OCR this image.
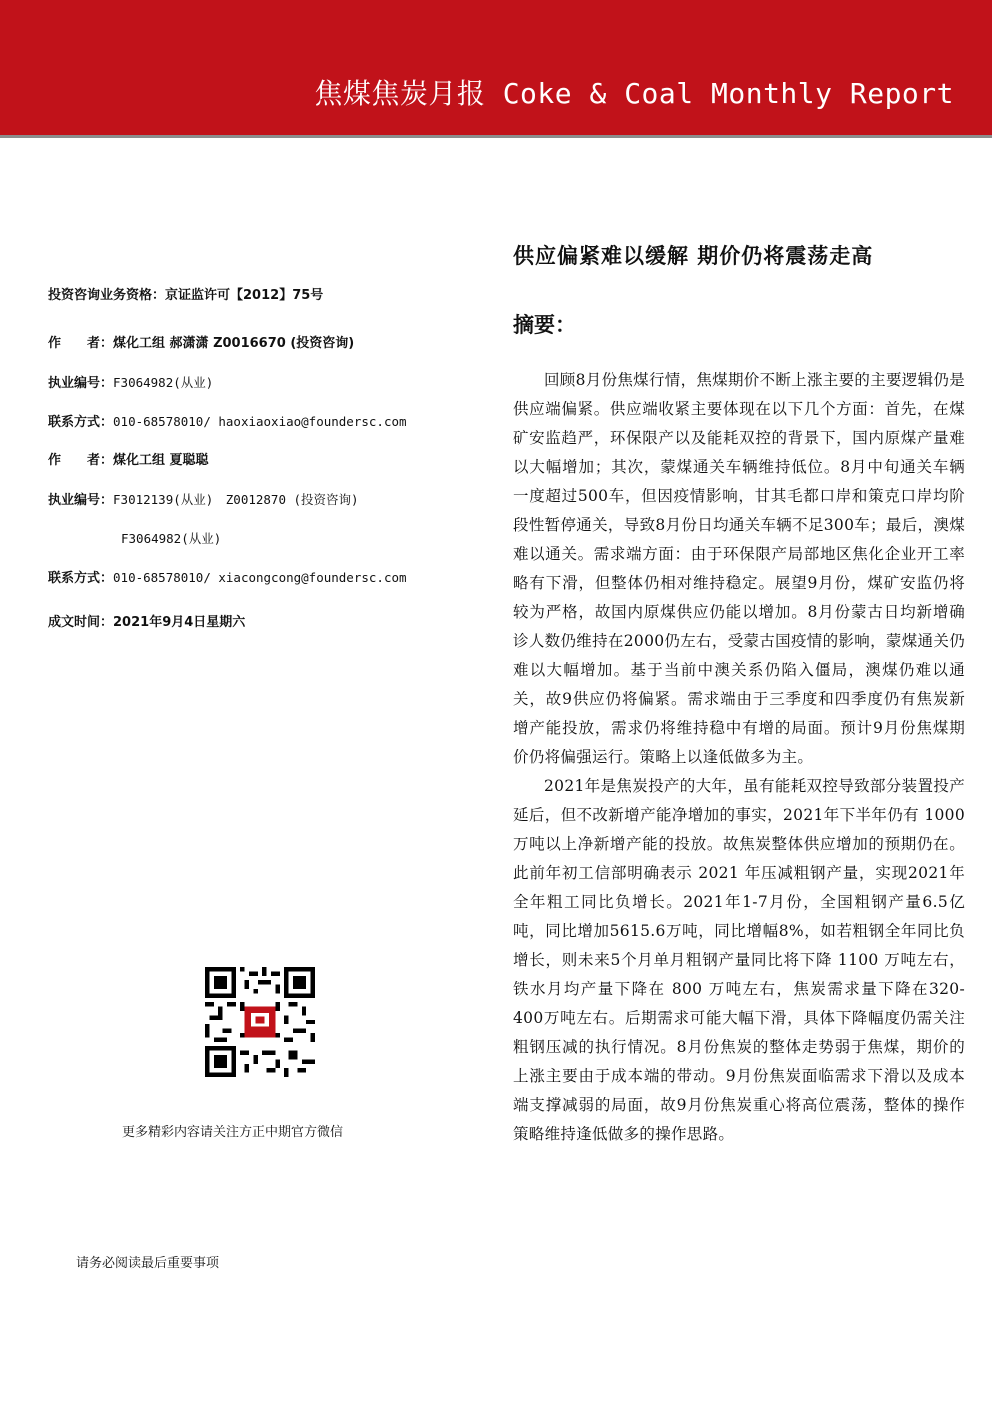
焦煤焦炭月报 Coke & Coal Monthly Report
投资咨询业务资格：京证监许可【2012】75号
作　　者：煤化工组 郝潇潇 Z0016670 (投资咨询)
执业编号：F3064982(从业)
联系方式：010-68578010/ haoxiaoxiao@foundersc.com
作　　者：煤化工组 夏聪聪
执业编号：F3012139(从业)　Z0012870 (投资咨询)
F3064982(从业)
联系方式：010-68578010/ xiacongcong@foundersc.com
成文时间：2021年9月4日星期六
供应偏紧难以缓解 期价仍将震荡走高
摘要：

回顾8月份焦煤行情，焦煤期价不断上涨主要的主要逻辑仍是供应端偏紧。供应端收紧主要体现在以下几个方面：首先，在煤矿安监趋严，环保限产以及能耗双控的背景下，国内原煤产量难以大幅增加；其次，蒙煤通关车辆维持低位。8月中旬通关车辆一度超过500车，但因疫情影响，甘其毛都口岸和策克口岸均阶段性暂停通关，导致8月份日均通关车辆不足300车；最后，澳煤难以通关。需求端方面：由于环保限产局部地区焦化企业开工率略有下滑，但整体仍相对维持稳定。展望9月份，煤矿安监仍将较为严格，故国内原煤供应仍能以增加。8月份蒙古日均新增确诊人数仍维持在2000仍左右，受蒙古国疫情的影响，蒙煤通关仍难以大幅增加。基于当前中澳关系仍陷入僵局，澳煤仍难以通关，故9供应仍将偏紧。需求端由于三季度和四季度仍有焦炭新增产能投放，需求仍将维持稳中有增的局面。预计9月份焦煤期价仍将偏强运行。策略上以逢低做多为主。

2021年是焦炭投产的大年，虽有能耗双控导致部分装置投产延后，但不改新增产能净增加的事实，2021年下半年仍有 1000 万吨以上净新增产能的投放。故焦炭整体供应增加的预期仍在。此前年初工信部明确表示 2021 年压减粗钢产量，实现2021年全年粗工同比负增长。2021年1-7月份，全国粗钢产量6.5亿吨，同比增加5615.6万吨，同比增幅8%，如若粗钢全年同比负增长，则未来5个月单月粗钢产量同比将下降 1100 万吨左右，铁水月均产量下降在 800 万吨左右，焦炭需求量下降在320-400万吨左右。后期需求可能大幅下滑，具体下降幅度仍需关注粗钢压减的执行情况。8月份焦炭的整体走势弱于焦煤，期价的上涨主要由于成本端的带动。9月份焦炭面临需求下滑以及成本端支撑减弱的局面，故9月份焦炭重心将高位震荡，整体的操作策略维持逢低做多的操作思路。

更多精彩内容请关注方正中期官方微信
请务必阅读最后重要事项
